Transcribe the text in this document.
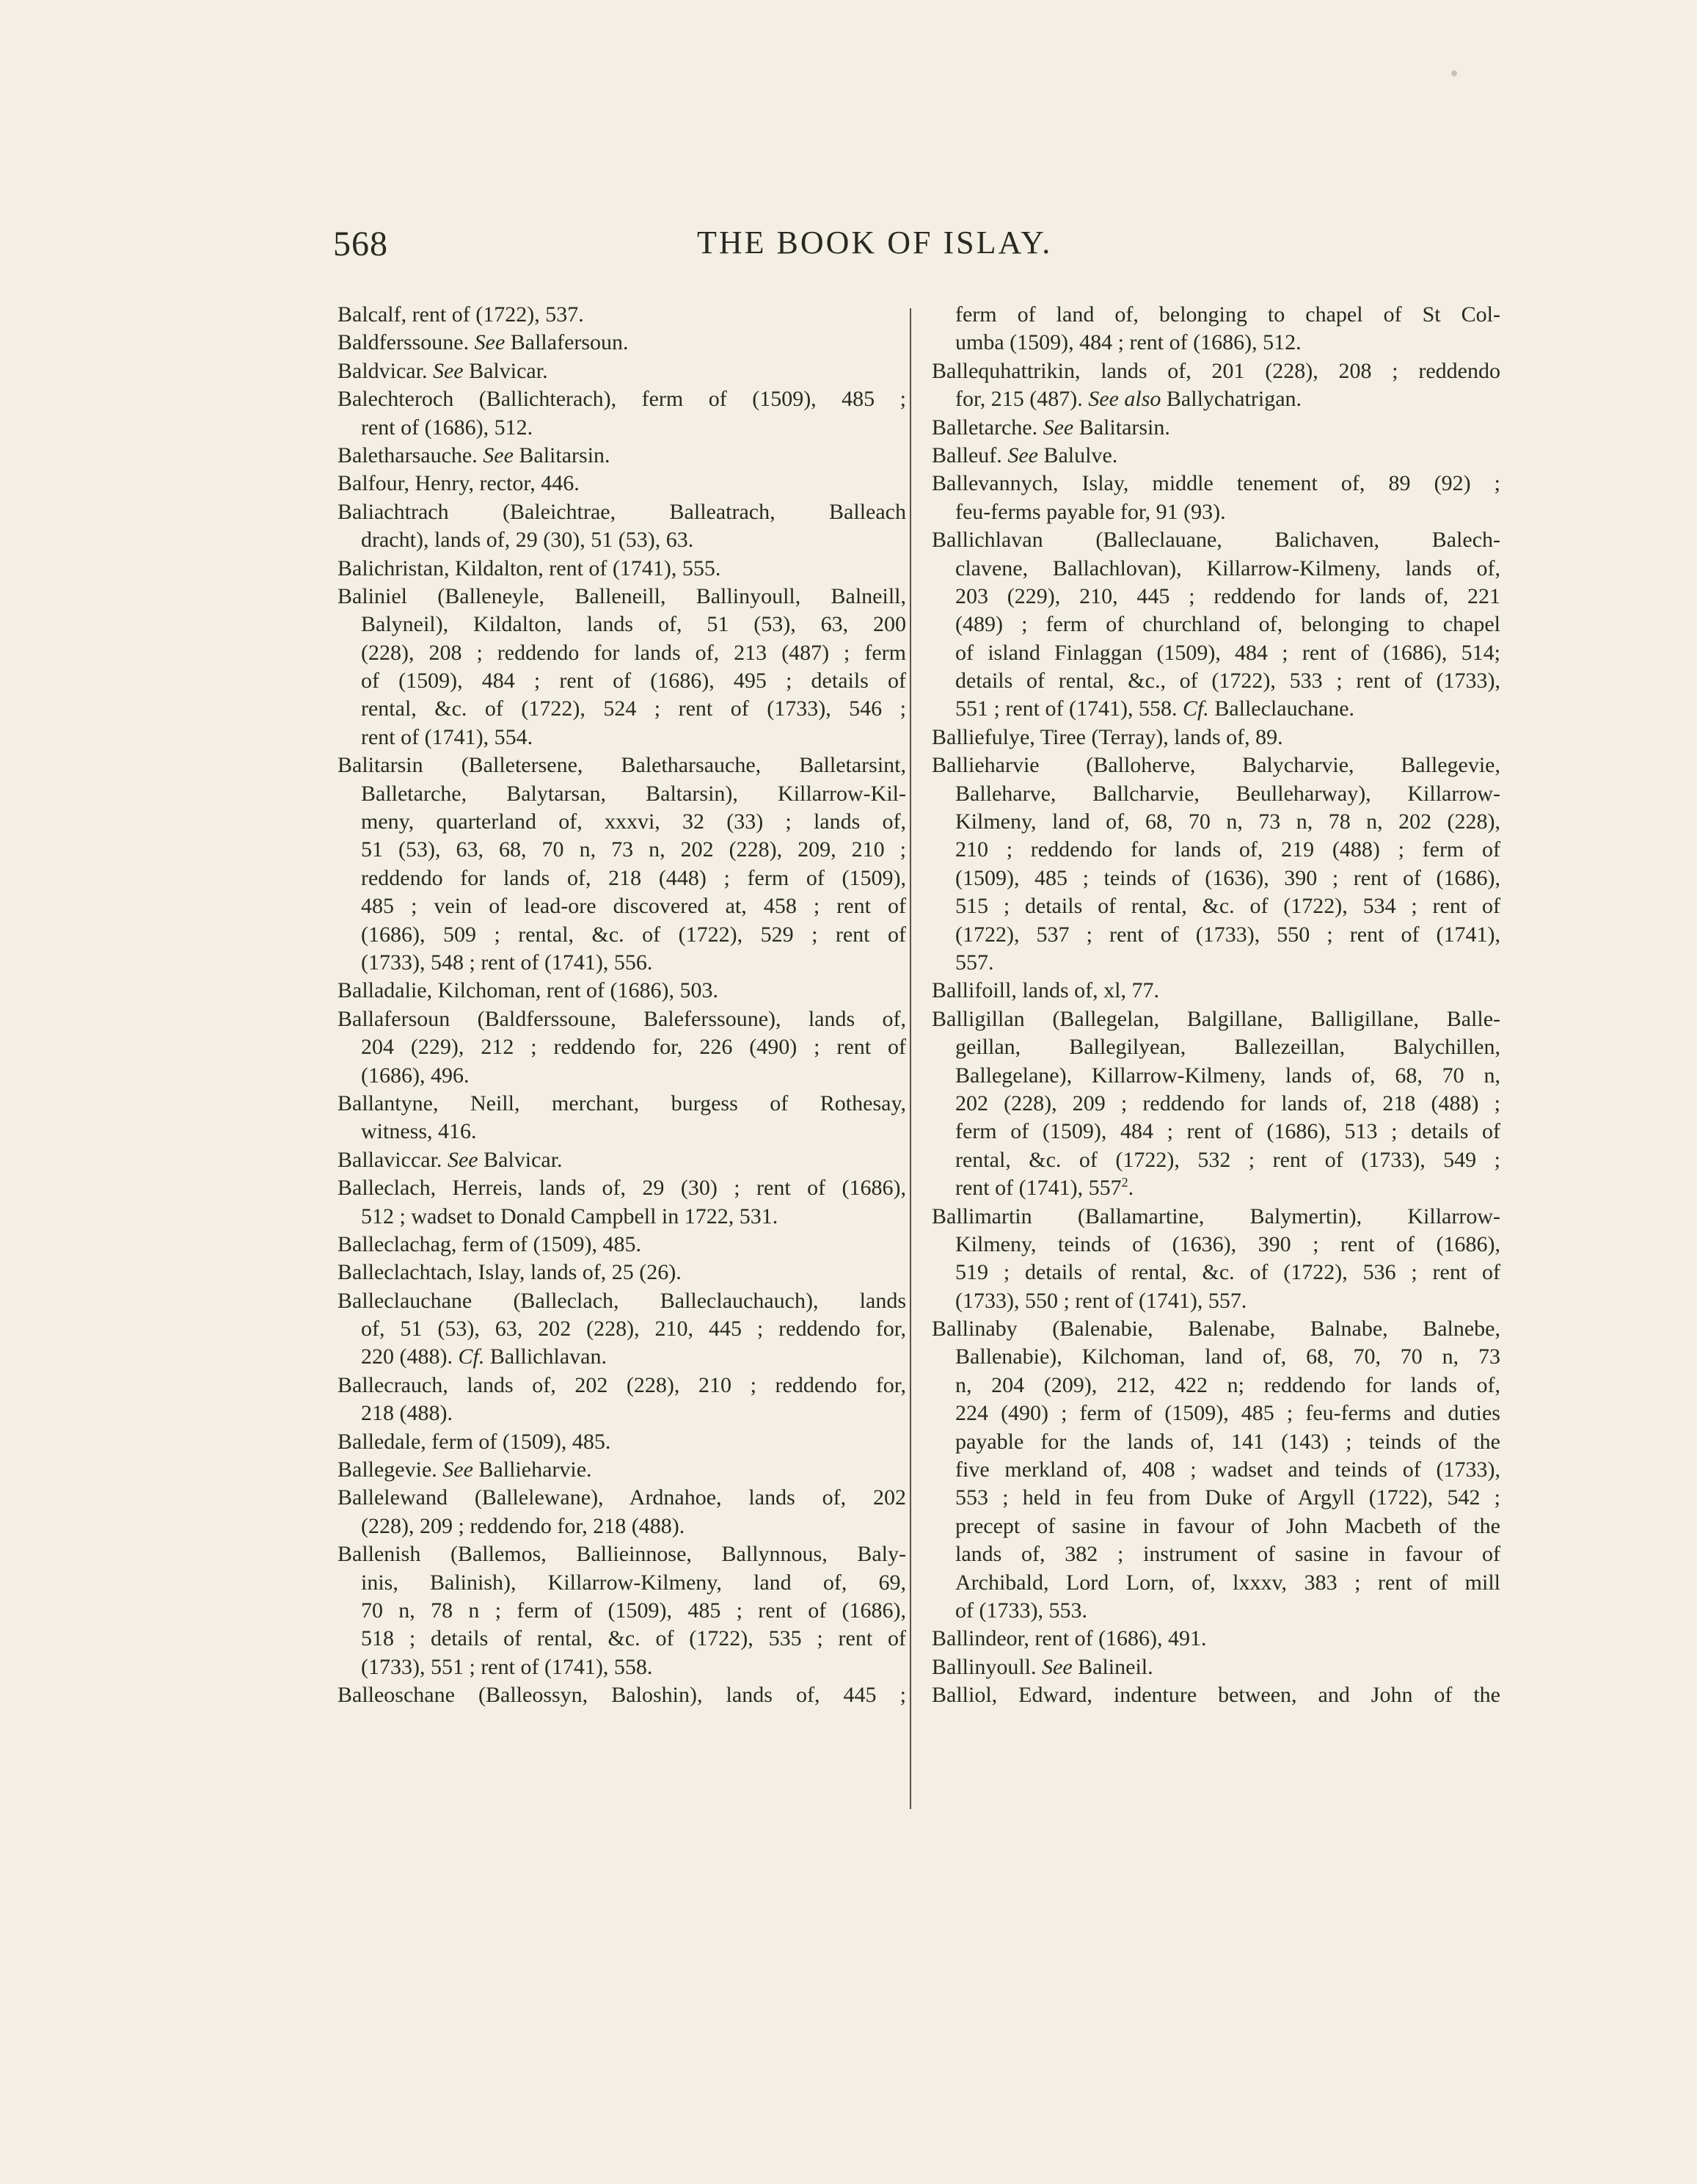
568	THE BOOK OF ISLAY.
Balcalf, rent of (1722), 537.
Baldferssoune. See Ballafersoun.
Baldvicar. See Balvicar.
Balechteroch (Ballichterach), ferm of (1509), 485 ;
rent of (1686), 512.
Baletharsauche. See Balitarsin.
Balfour, Henry, rector, 446.
Baliachtrach (Baleichtrae, Balleatrach, Balleach
dracht), lands of, 29 (30), 51 (53), 63.
Balichristan, Kildalton, rent of (1741), 555.
Baliniel (Balleneyle, Balleneill, Ballinyoull, Balneill,
Balyneil), Kildalton, lands of, 51 (53), 63, 200
(228), 208 ; reddendo for lands of, 213 (487) ; ferm
of (1509), 484 ; rent of (1686), 495 ; details of
rental, &c. of (1722), 524 ; rent of (1733), 546 ;
rent of (1741), 554.
Balitarsin (Balletersene, Baletharsauche, Balletarsint,
Balletarche, Balytarsan, Baltarsin), Killarrow-Kil-
meny, quarterland of, xxxvi, 32 (33) ; lands of,
51 (53), 63, 68, 70 n, 73 n, 202 (228), 209, 210 ;
reddendo for lands of, 218 (448) ; ferm of (1509),
485 ; vein of lead-ore discovered at, 458 ; rent of
(1686), 509 ; rental, &c. of (1722), 529 ; rent of
(1733), 548 ; rent of (1741), 556.
Balladalie, Kilchoman, rent of (1686), 503.
Ballafersoun (Baldferssoune, Baleferssoune), lands of,
204 (229), 212 ; reddendo for, 226 (490) ; rent of
(1686), 496.
Ballantyne, Neill, merchant, burgess of Rothesay,
witness, 416.
Ballaviccar. See Balvicar.
Balleclach, Herreis, lands of, 29 (30) ; rent of (1686),
512 ; wadset to Donald Campbell in 1722, 531.
Balleclachag, ferm of (1509), 485.
Balleclachtach, Islay, lands of, 25 (26).
Balleclauchane (Balleclach, Balleclauchauch), lands
of, 51 (53), 63, 202 (228), 210, 445 ; reddendo for,
220 (488). Cf. Ballichlavan.
Ballecrauch, lands of, 202 (228), 210 ; reddendo for,
218 (488).
Balledale, ferm of (1509), 485.
Ballegevie. See Ballieharvie.
Ballelewand (Ballelewane), Ardnahoe, lands of, 202
(228), 209 ; reddendo for, 218 (488).
Ballenish (Ballemos, Ballieinnose, Ballynnous, Baly-
inis, Balinish), Killarrow-Kilmeny, land of, 69,
70 n, 78 n ; ferm of (1509), 485 ; rent of (1686),
518 ; details of rental, &c. of (1722), 535 ; rent of
(1733), 551 ; rent of (1741), 558.
Balleoschane (Balleossyn, Baloshin), lands of, 445 ;
ferm of land of, belonging to chapel of St Col-
umba (1509), 484 ; rent of (1686), 512.
Ballequhattrikin, lands of, 201 (228), 208 ; reddendo
for, 215 (487). See also Ballychatrigan.
Balletarche. See Balitarsin.
Balleuf. See Balulve.
Ballevannych, Islay, middle tenement of, 89 (92) ;
feu-ferms payable for, 91 (93).
Ballichlavan (Balleclauane, Balichaven, Balech-
clavene, Ballachlovan), Killarrow-Kilmeny, lands of,
203 (229), 210, 445 ; reddendo for lands of, 221
(489) ; ferm of churchland of, belonging to chapel
of island Finlaggan (1509), 484 ; rent of (1686), 514;
details of rental, &c., of (1722), 533 ; rent of (1733),
551 ; rent of (1741), 558. Cf. Balleclauchane.
Balliefulye, Tiree (Terray), lands of, 89.
Ballieharvie (Balloherve, Balycharvie, Ballegevie,
Balleharve, Ballcharvie, Beulleharway), Killarrow-
Kilmeny, land of, 68, 70 n, 73 n, 78 n, 202 (228),
210 ; reddendo for lands of, 219 (488) ; ferm of
(1509), 485 ; teinds of (1636), 390 ; rent of (1686),
515 ; details of rental, &c. of (1722), 534 ; rent of
(1722), 537 ; rent of (1733), 550 ; rent of (1741),
557.
Ballifoill, lands of, xl, 77.
Balligillan (Ballegelan, Balgillane, Balligillane, Balle-
geillan, Ballegilyean, Ballezeillan, Balychillen,
Ballegelane), Killarrow-Kilmeny, lands of, 68, 70 n,
202 (228), 209 ; reddendo for lands of, 218 (488) ;
ferm of (1509), 484 ; rent of (1686), 513 ; details of
rental, &c. of (1722), 532 ; rent of (1733), 549 ;
rent of (1741), $557^2$.
Ballimartin (Ballamartine, Balymertin), Killarrow-
Kilmeny, teinds of (1636), 390 ; rent of (1686),
519 ; details of rental, &c. of (1722), 536 ; rent of
(1733), 550 ; rent of (1741), 557.
Ballinaby (Balenabie, Balenabe, Balnabe, Balnebe,
Ballenabie), Kilchoman, land of, 68, 70, 70 n, 73
n, 204 (209), 212, 422 n; reddendo for lands of,
224 (490) ; ferm of (1509), 485 ; feu-ferms and duties
payable for the lands of, 141 (143) ; teinds of the
five merkland of, 408 ; wadset and teinds of (1733),
553 ; held in feu from Duke of Argyll (1722), 542 ;
precept of sasine in favour of John Macbeth of the
lands of, 382 ; instrument of sasine in favour of
Archibald, Lord Lorn, of, lxxxv, 383 ; rent of mill
of (1733), 553.
Ballindeor, rent of (1686), 491.
Ballinyoull. See Balineil.
Balliol, Edward, indenture between, and John of the
